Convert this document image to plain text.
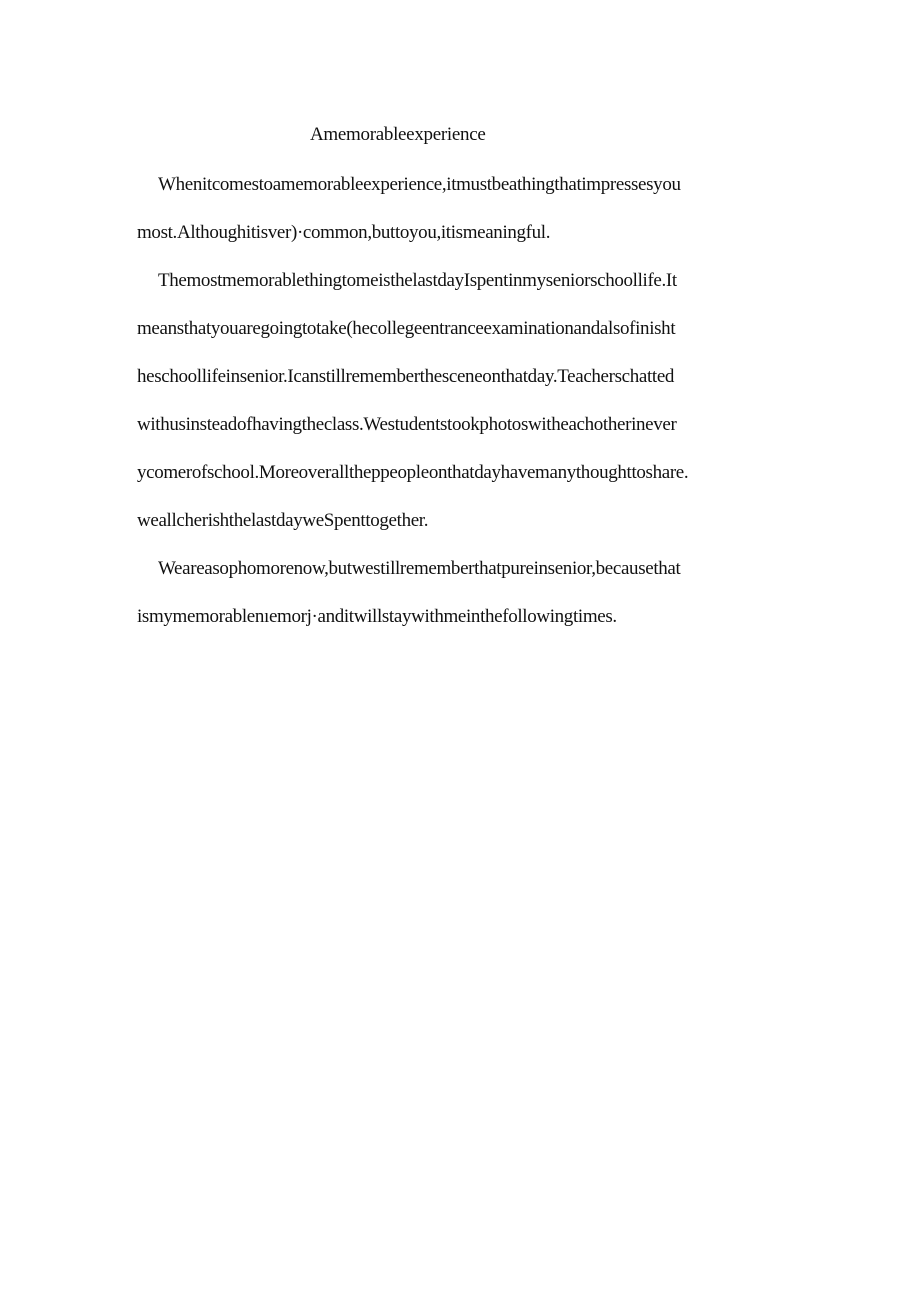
Amemorableexperience
Whenitcomestoamemorableexperience,itmustbeathingthatimpressesyou
most.Althoughitisver)·common,buttoyou,itismeaningful.
ThemostmemorablethingtomeisthelastdayIspentinmyseniorschoollife.It
meansthatyouaregoingtotake(hecollegeentranceexaminationandalsofinisht
heschoollifeinsenior.Icanstillrememberthesceneonthatday.Teacherschatted
withusinsteadofhavingtheclass.Westudentstookphotoswitheachotherinever
ycomerofschool.Moreoveralltheppeopleonthatdayhavemanythoughttoshare.
weallcherishthelastdayweSpenttogether.
Weareasophomorenow,butwestillrememberthatpureinsenior,becausethat
ismymemorablenıemorj·anditwillstaywithmeinthefollowingtimes.
